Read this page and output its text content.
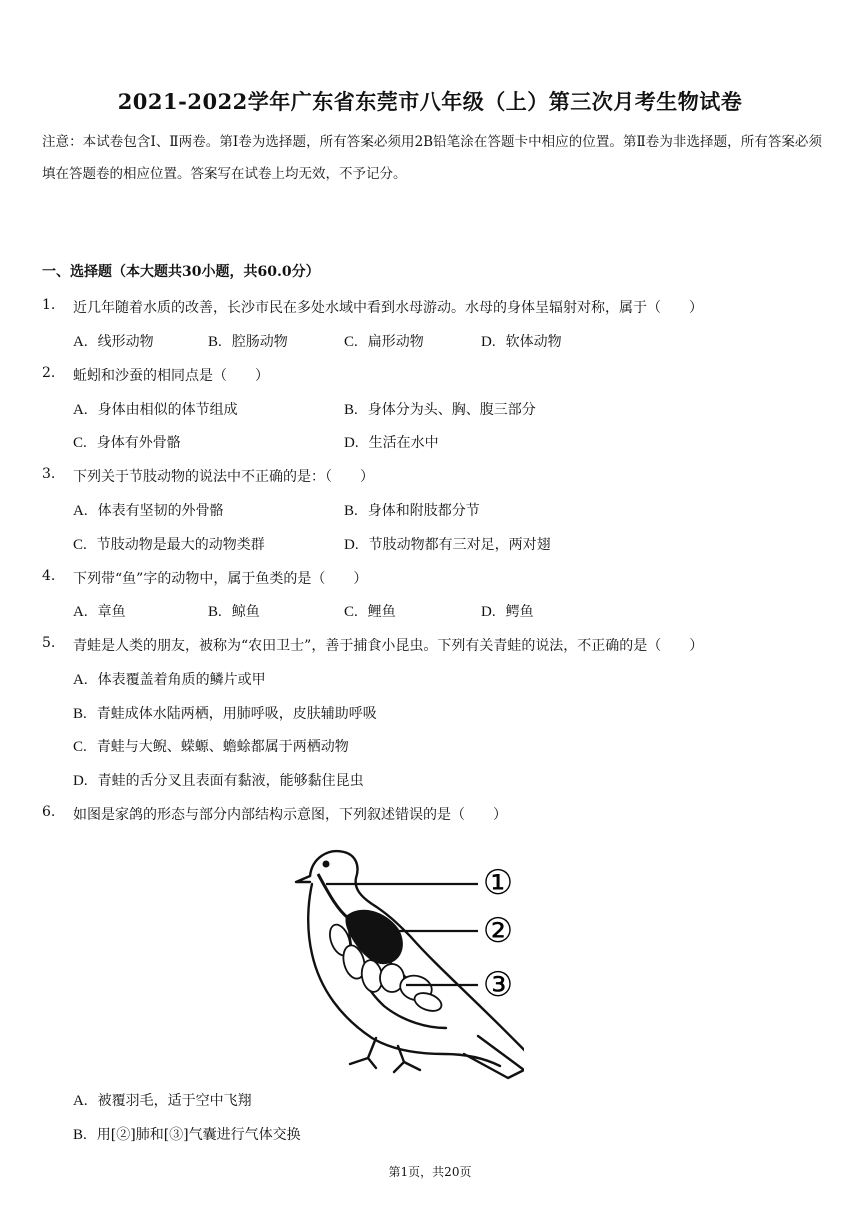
2021-2022学年广东省东莞市八年级（上）第三次月考生物试卷
注意：本试卷包含Ⅰ、Ⅱ两卷。第Ⅰ卷为选择题，所有答案必须用2B铅笔涂在答题卡中相应的位置。第Ⅱ卷为非选择题，所有答案必须填在答题卷的相应位置。答案写在试卷上均无效，不予记分。
一、选择题（本大题共30小题，共60.0分）
1. 近几年随着水质的改善，长沙市民在多处水域中看到水母游动。水母的身体呈辐射对称，属于（　　）
A. 线形动物	B. 腔肠动物	C. 扁形动物	D. 软体动物
2. 蚯蚓和沙蚕的相同点是（　　）
A. 身体由相似的体节组成	B. 身体分为头、胸、腹三部分
C. 身体有外骨骼	D. 生活在水中
3. 下列关于节肢动物的说法中不正确的是：（　　）
A. 体表有坚韧的外骨骼	B. 身体和附肢都分节
C. 节肢动物是最大的动物类群	D. 节肢动物都有三对足，两对翅
4. 下列带“鱼”字的动物中，属于鱼类的是（　　）
A. 章鱼	B. 鲸鱼	C. 鲤鱼	D. 鳄鱼
5. 青蛙是人类的朋友，被称为“农田卫士”，善于捕食小昆虫。下列有关青蛙的说法，不正确的是（　　）
A. 体表覆盖着角质的鳞片或甲
B. 青蛙成体水陆两栖，用肺呼吸，皮肤辅助呼吸
C. 青蛙与大鲵、蝾螈、蟾蜍都属于两栖动物
D. 青蛙的舌分叉且表面有黏液，能够黏住昆虫
6. 如图是家鸽的形态与部分内部结构示意图，下列叙述错误的是（　　）
①
②
③
A. 被覆羽毛，适于空中飞翔
B. 用[②]肺和[③]气囊进行气体交换
第1页，共20页
